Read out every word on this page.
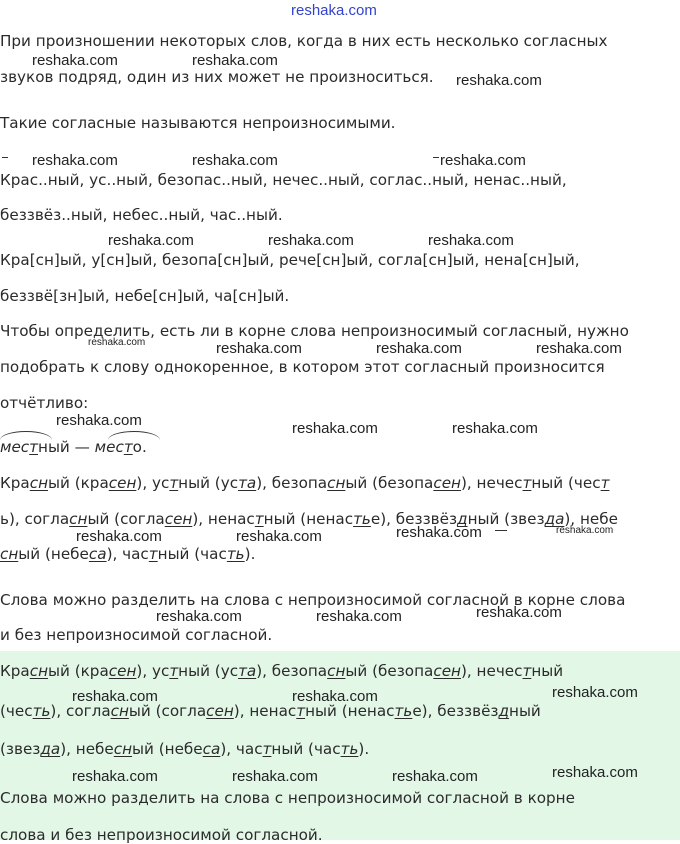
reshaka.com
При произношении некоторых слов, когда в них есть несколько согласных
звуков подряд, один из них может не произноситься.
Такие согласные называются непроизносимыми.
Крас..ный, ус..ный, безопас..ный, нечес..ный, соглас..ный, ненас..ный,
беззвёз..ный, небес..ный, час..ный.
Кра[сн]ый, у[сн]ый, безопа[сн]ый, рече[сн]ый, согла[сн]ый, нена[сн]ый,
беззвё[зн]ый, небе[сн]ый, ча[сн]ый.
Чтобы определить, есть ли в корне слова непроизносимый согласный, нужно
подобрать к слову однокоренное, в котором этот согласный произносится
отчётливо:
местный — место.
Красный (красен), устный (уста), безопасный (безопасен), нечестный (чест
ь), согласный (согласен), ненастный (ненастье), беззвёздный (звезда), небе
сный (небеса), частный (часть).
Слова можно разделить на слова с непроизносимой согласной в корне слова
и без непроизносимой согласной.
Красный (красен), устный (уста), безопасный (безопасен), нечестный
(честь), согласный (согласен), ненастный (ненастье), беззвёздный
(звезда), небесный (небеса), частный (часть).
Слова можно разделить на слова с непроизносимой согласной в корне
слова и без непроизносимой согласной.
reshaka.com	reshaka.com
reshaka.com
reshaka.com	reshaka.com	reshaka.com
reshaka.com	reshaka.com	reshaka.com
reshaka.com	reshaka.com	reshaka.com	reshaka.com
reshaka.com	reshaka.com	reshaka.com
reshaka.com	reshaka.com	reshaka.com	reshaka.com
reshaka.com	reshaka.com	reshaka.com
reshaka.com	reshaka.com	reshaka.com
reshaka.com	reshaka.com	reshaka.com	reshaka.com
